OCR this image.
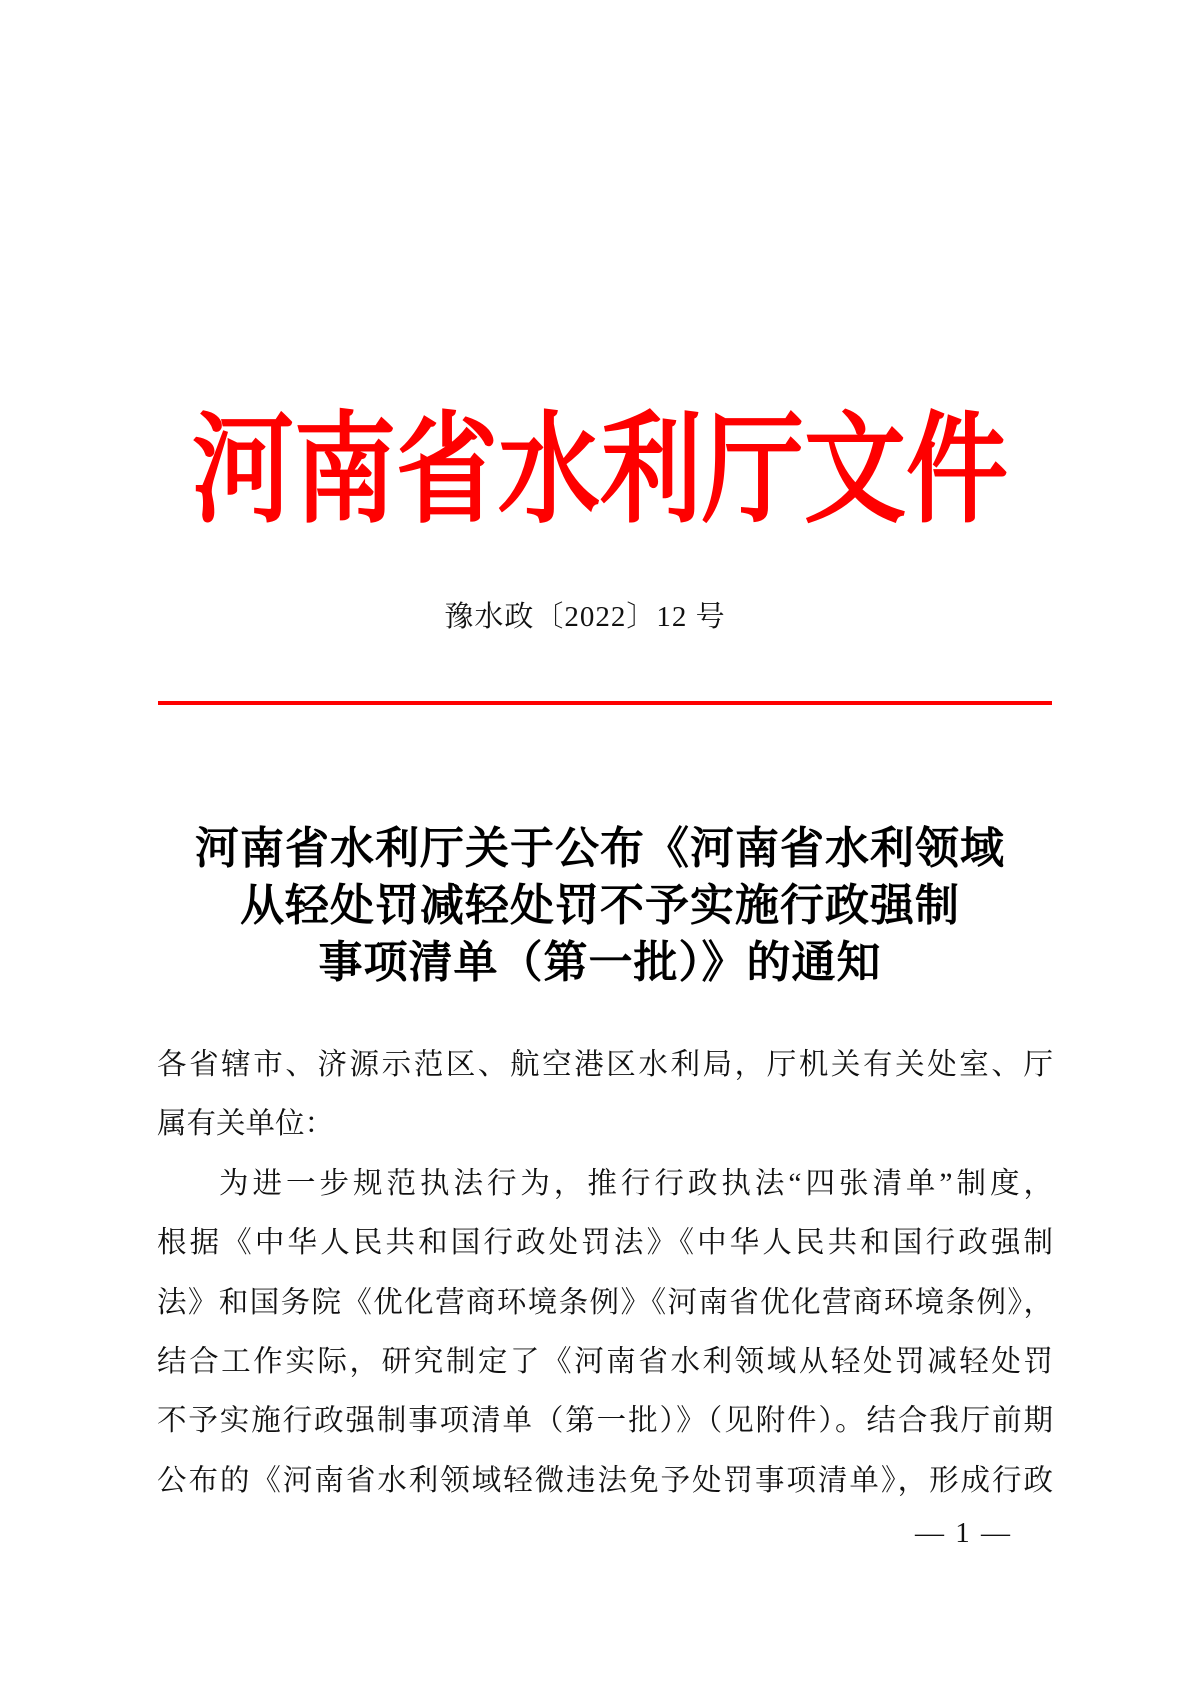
河南省水利厅文件
豫水政〔2022〕12 号
河南省水利厅关于公布《河南省水利领域
从轻处罚减轻处罚不予实施行政强制
事项清单（第一批）》的通知
各省辖市、济源示范区、航空港区水利局，厅机关有关处室、厅
属有关单位：
为进一步规范执法行为，推行行政执法“四张清单”制度，
根据《中华人民共和国行政处罚法》《中华人民共和国行政强制
法》和国务院《优化营商环境条例》《河南省优化营商环境条例》，
结合工作实际，研究制定了《河南省水利领域从轻处罚减轻处罚
不予实施行政强制事项清单（第一批）》（见附件）。结合我厅前期
公布的《河南省水利领域轻微违法免予处罚事项清单》，形成行政
— 1 —
